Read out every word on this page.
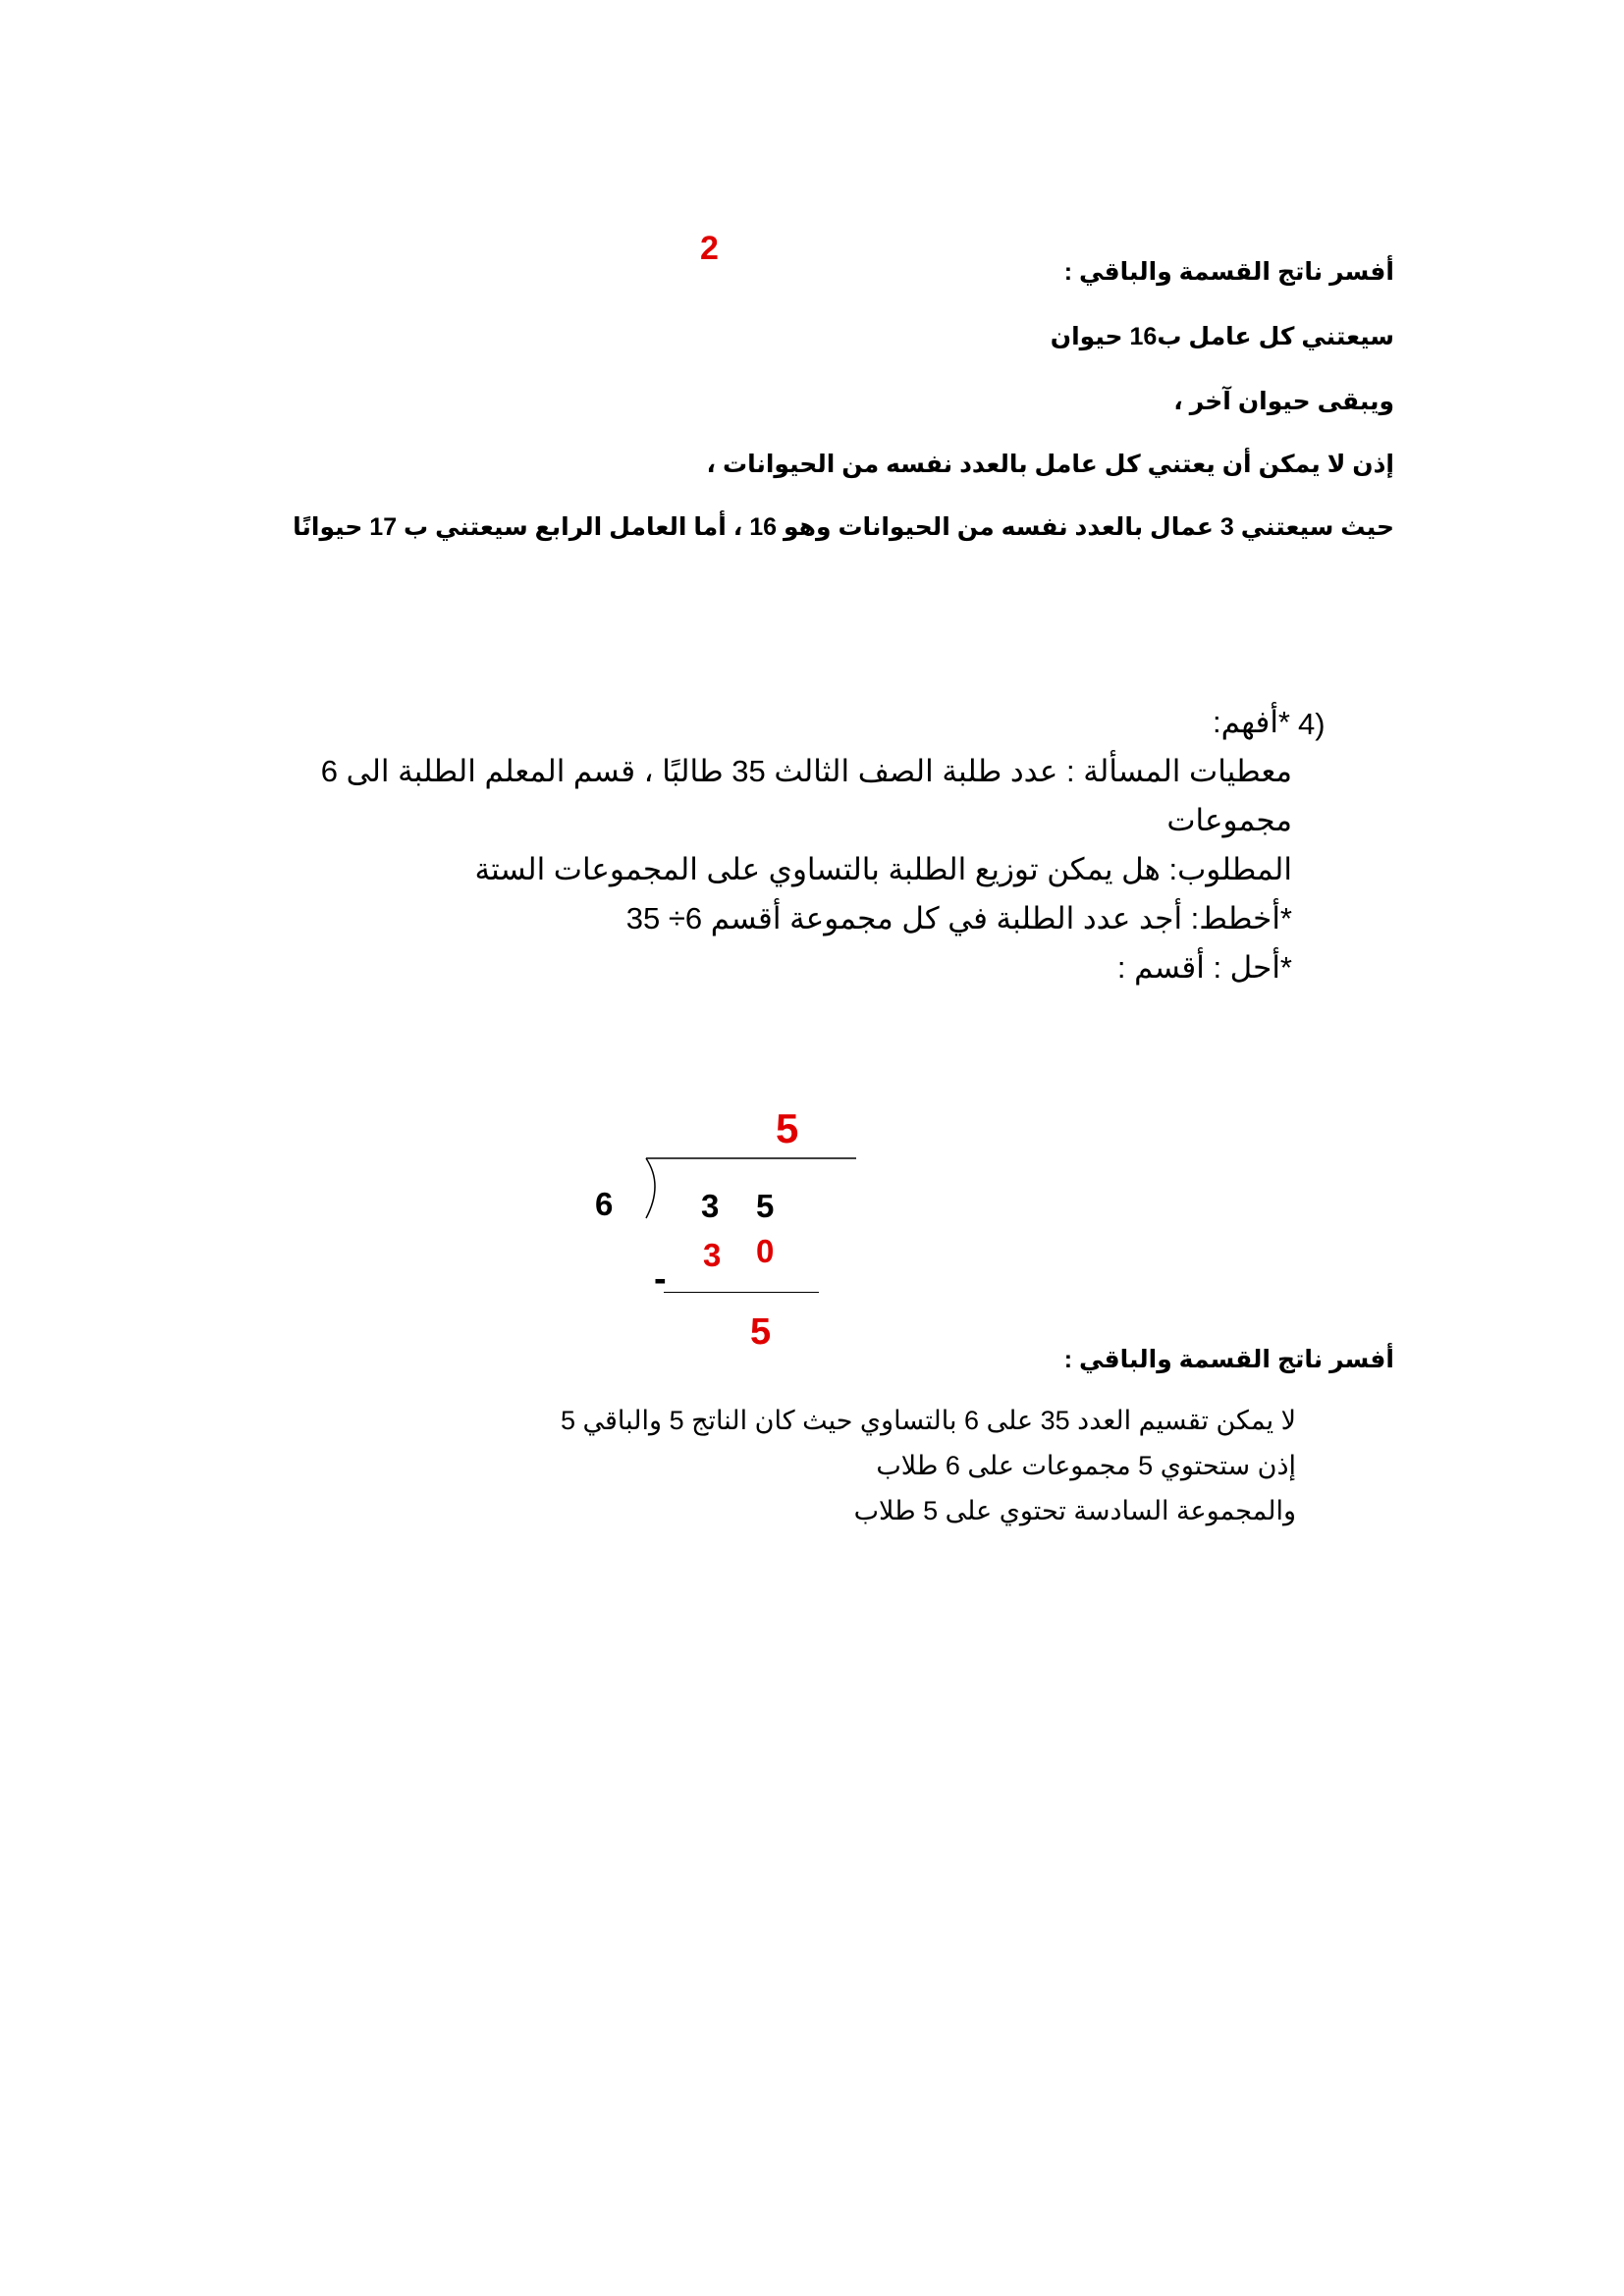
2
أفسر ناتج القسمة والباقي :
سيعتني كل عامل ب16 حيوان
ويبقى حيوان آخر ،
إذن لا يمكن أن يعتني كل عامل بالعدد نفسه من الحيوانات ،
حيث سيعتني 3 عمال بالعدد نفسه من الحيوانات وهو 16 ، أما العامل الرابع سيعتني ب 17 حيوانًا
4)
*أفهم:
معطيات المسألة : عدد طلبة الصف الثالث 35 طالبًا ، قسم المعلم الطلبة الى 6
مجموعات
المطلوب: هل يمكن توزيع الطلبة بالتساوي على المجموعات الستة
*أخطط: أجد عدد الطلبة في كل مجموعة أقسم 6÷ 35
*أحل : أقسم :
5
6	3 5
3 0
-
5
أفسر ناتج القسمة والباقي :
لا يمكن تقسيم العدد 35 على 6 بالتساوي حيث كان الناتج 5 والباقي 5
إذن ستحتوي 5 مجموعات على 6 طلاب
والمجموعة السادسة تحتوي على 5 طلاب
